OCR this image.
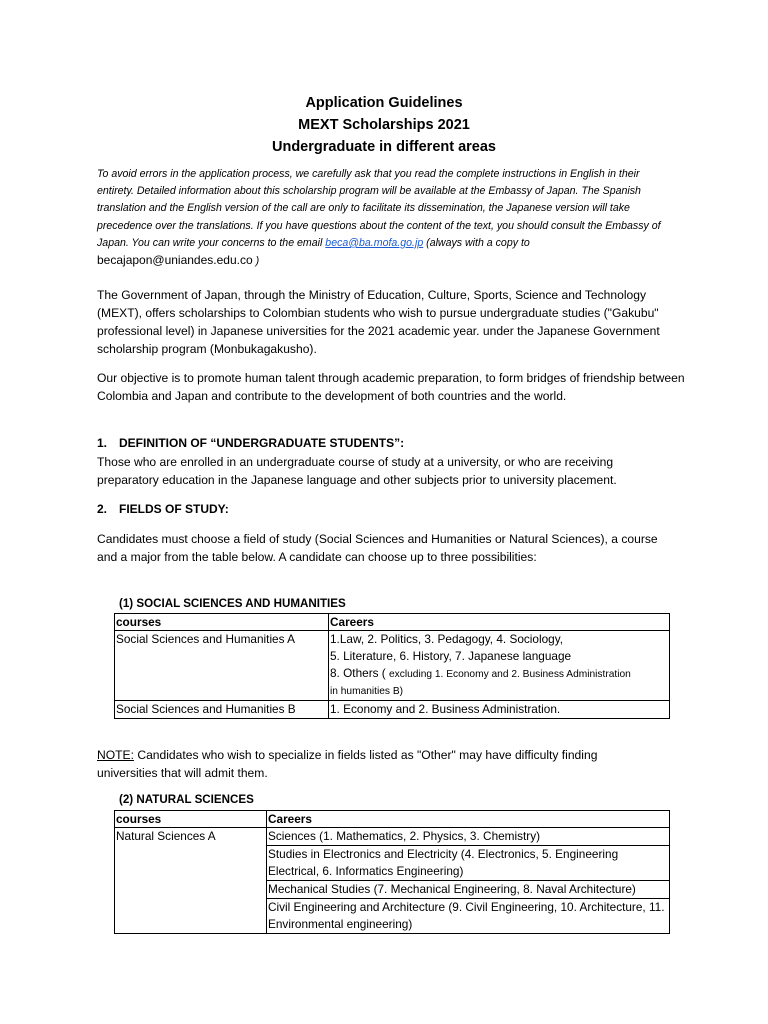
Application Guidelines
MEXT Scholarships 2021
Undergraduate in different areas
To avoid errors in the application process, we carefully ask that you read the complete instructions in English in their entirety. Detailed information about this scholarship program will be available at the Embassy of Japan. The Spanish translation and the English version of the call are only to facilitate its dissemination, the Japanese version will take precedence over the translations. If you have questions about the content of the text, you should consult the Embassy of Japan. You can write your concerns to the email beca@ba.mofa.go.jp (always with a copy to
becajapon@uniandes.edu.co )
The Government of Japan, through the Ministry of Education, Culture, Sports, Science and Technology (MEXT), offers scholarships to Colombian students who wish to pursue undergraduate studies ("Gakubu" professional level) in Japanese universities for the 2021 academic year. under the Japanese Government scholarship program (Monbukagakusho).
Our objective is to promote human talent through academic preparation, to form bridges of friendship between Colombia and Japan and contribute to the development of both countries and the world.
1. DEFINITION OF “UNDERGRADUATE STUDENTS”:
Those who are enrolled in an undergraduate course of study at a university, or who are receiving preparatory education in the Japanese language and other subjects prior to university placement.
2. FIELDS OF STUDY:
Candidates must choose a field of study (Social Sciences and Humanities or Natural Sciences), a course and a major from the table below. A candidate can choose up to three possibilities:
(1) SOCIAL SCIENCES AND HUMANITIES
courses	Careers
Social Sciences and Humanities A	1.Law, 2. Politics, 3. Pedagogy, 4. Sociology,
5. Literature, 6. History, 7. Japanese language
8. Others ( excluding 1. Economy and 2. Business Administration
in humanities B)

Social Sciences and Humanities B	1. Economy and 2. Business Administration.
NOTE: Candidates who wish to specialize in fields listed as "Other" may have difficulty finding universities that will admit them.
(2) NATURAL SCIENCES
courses	Careers
Natural Sciences A	Sciences (1. Mathematics, 2. Physics, 3. Chemistry)
	Studies in Electronics and Electricity (4. Electronics, 5. Engineering Electrical, 6. Informatics Engineering)
	Mechanical Studies (7. Mechanical Engineering, 8. Naval Architecture)
	Civil Engineering and Architecture (9. Civil Engineering, 10. Architecture, 11. Environmental engineering)
